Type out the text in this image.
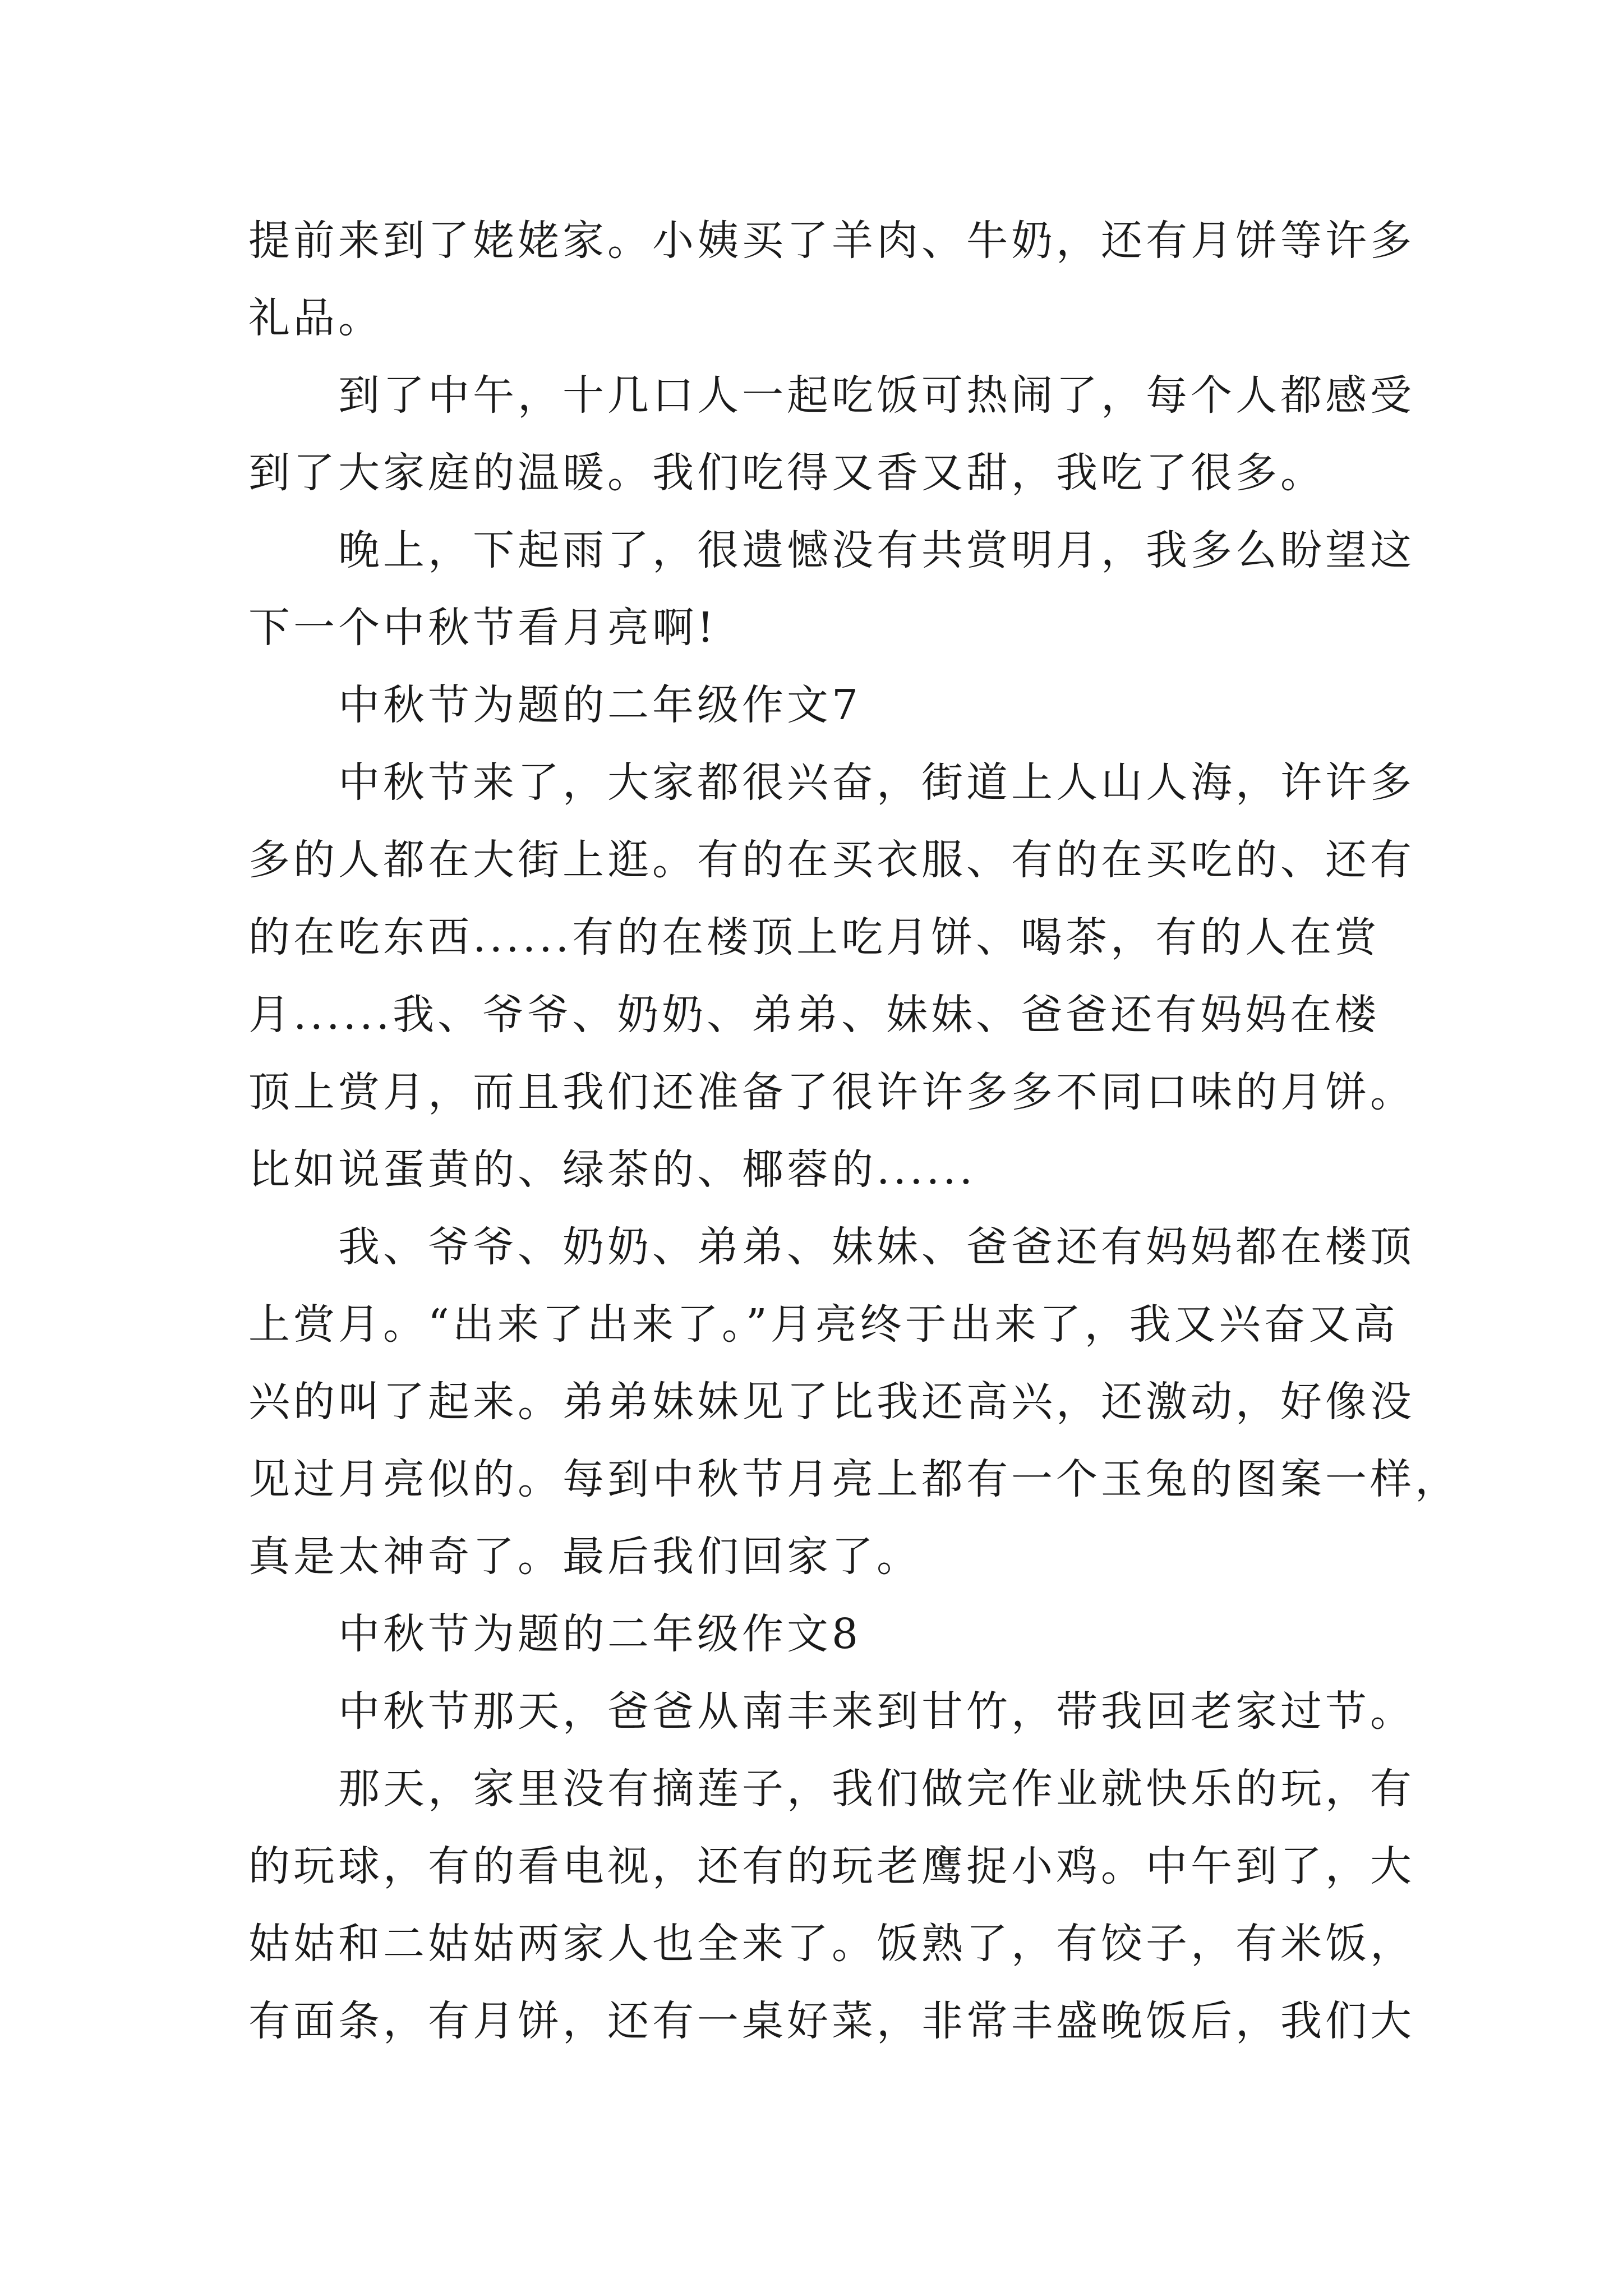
提前来到了姥姥家。小姨买了羊肉、牛奶，还有月饼等许多
礼品。
到了中午，十几口人一起吃饭可热闹了，每个人都感受
到了大家庭的温暖。我们吃得又香又甜，我吃了很多。
晚上，下起雨了，很遗憾没有共赏明月，我多么盼望这
下一个中秋节看月亮啊!
中秋节为题的二年级作文7
中秋节来了，大家都很兴奋，街道上人山人海，许许多
多的人都在大街上逛。有的在买衣服、有的在买吃的、还有
的在吃东西......有的在楼顶上吃月饼、喝茶，有的人在赏
月......我、爷爷、奶奶、弟弟、妹妹、爸爸还有妈妈在楼
顶上赏月，而且我们还准备了很许许多多不同口味的月饼。
比如说蛋黄的、绿茶的、椰蓉的......
我、爷爷、奶奶、弟弟、妹妹、爸爸还有妈妈都在楼顶
上赏月。“出来了出来了。”月亮终于出来了，我又兴奋又高
兴的叫了起来。弟弟妹妹见了比我还高兴，还激动，好像没
见过月亮似的。每到中秋节月亮上都有一个玉兔的图案一样，
真是太神奇了。最后我们回家了。
中秋节为题的二年级作文8
中秋节那天，爸爸从南丰来到甘竹，带我回老家过节。
那天，家里没有摘莲子，我们做完作业就快乐的玩，有
的玩球，有的看电视，还有的玩老鹰捉小鸡。中午到了，大
姑姑和二姑姑两家人也全来了。饭熟了，有饺子，有米饭，
有面条，有月饼，还有一桌好菜，非常丰盛晚饭后，我们大
